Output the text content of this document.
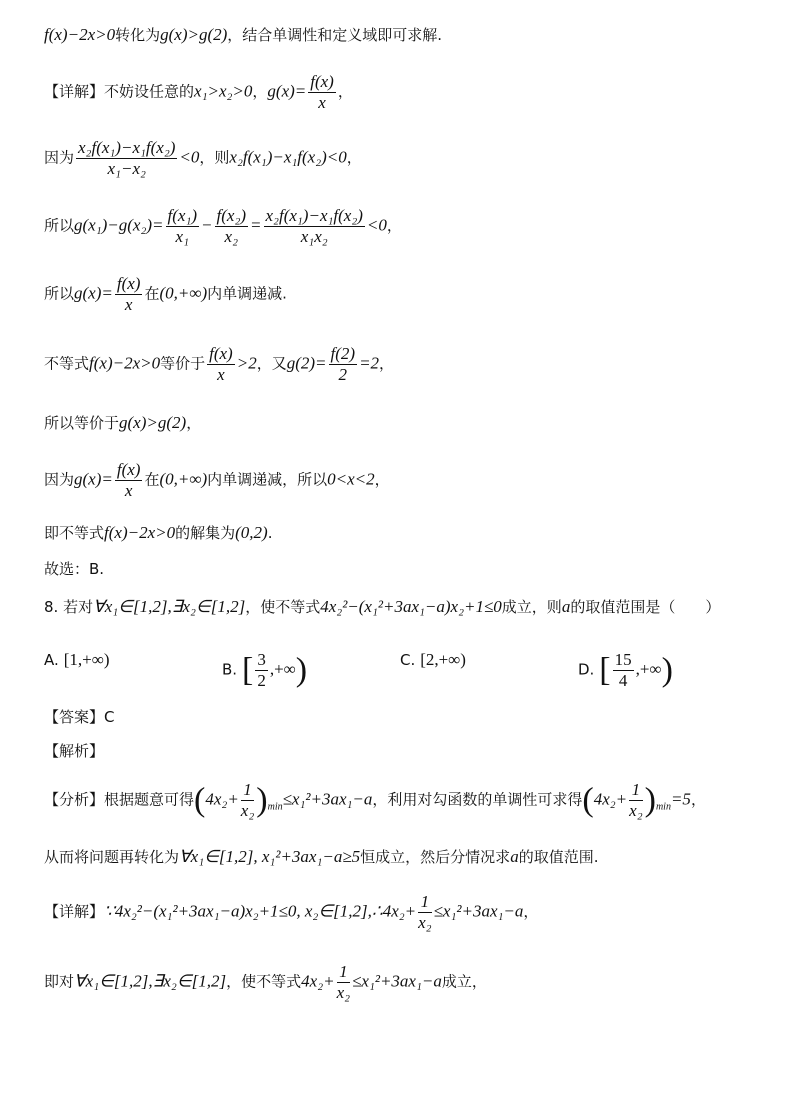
f(x)−2x>0转化为g(x)>g(2)，结合单调性和定义域即可求解.
【详解】不妨设任意的x₁>x₂>0，$g(x)= \frac{f(x)}{x}$ ，
因为 $\frac{\text{x₂f(x₁)−x₁f(x₂)}}{\text{x₁−x₂}} <0$，则x₂f(x₁)−x₁f(x₂)<0，
所以$g(x_1)-g(x_2)= \frac{\text{f(x₁)}}{\text{x₁}} - \frac{\text{f(x₂)}}{\text{x₂}} = \frac{\text{x₂f(x₁)−x₁f(x₂)}}{\text{x₁x₂}} <0$，
所以$g(x)= \frac{f(x)}{x}$ 在(0,+∞)内单调递减.
不等式f(x)−2x>0等价于 $\frac{f(x)}{x} >2$，又$g(2)= \frac{f(2)}{2} =2$，
所以等价于g(x)>g(2)，
因为$g(x)= \frac{f(x)}{x}$ 在(0,+∞)内单调递减，所以0<x<2，
即不等式f(x)−2x>0的解集为(0,2).
故选：B.
8. 若对∀x₁∈[1,2],∃x₂∈[1,2]，使不等式4x₂²−(x₁²+3ax₁−a)x₂+1≤0成立，则a的取值范围是（　　）
A. [1,+∞)
B. [ $\frac{3}{2}$ ,+∞)	C. [2,+∞)
D. [ $\frac{15}{4}$ ,+∞)
【答案】C
【解析】
【分析】根据题意可得$(4x_2+ \frac{1}{\text{x₂}} )_{min}\le x_1^2+3ax_1-a$，利用对勾函数的单调性可求得$(4x_2+ \frac{1}{\text{x₂}} )_{min}=5$，
从而将问题再转化为∀x₁∈[1,2], x₁²+3ax₁−a≥5恒成立，然后分情况求a的取值范围.
【详解】∵4x₂²−(x₁²+3ax₁−a)x₂+1≤0, x₂∈[1,2],∴4x₂+ $\frac{1}{\text{x₂}} \le x_1^2+3ax_1-a$，
即对∀x₁∈[1,2],∃x₂∈[1,2]，使不等式$4x_2+ \frac{1}{\text{x₂}} \le x_1^2+3ax_1-a$成立，
